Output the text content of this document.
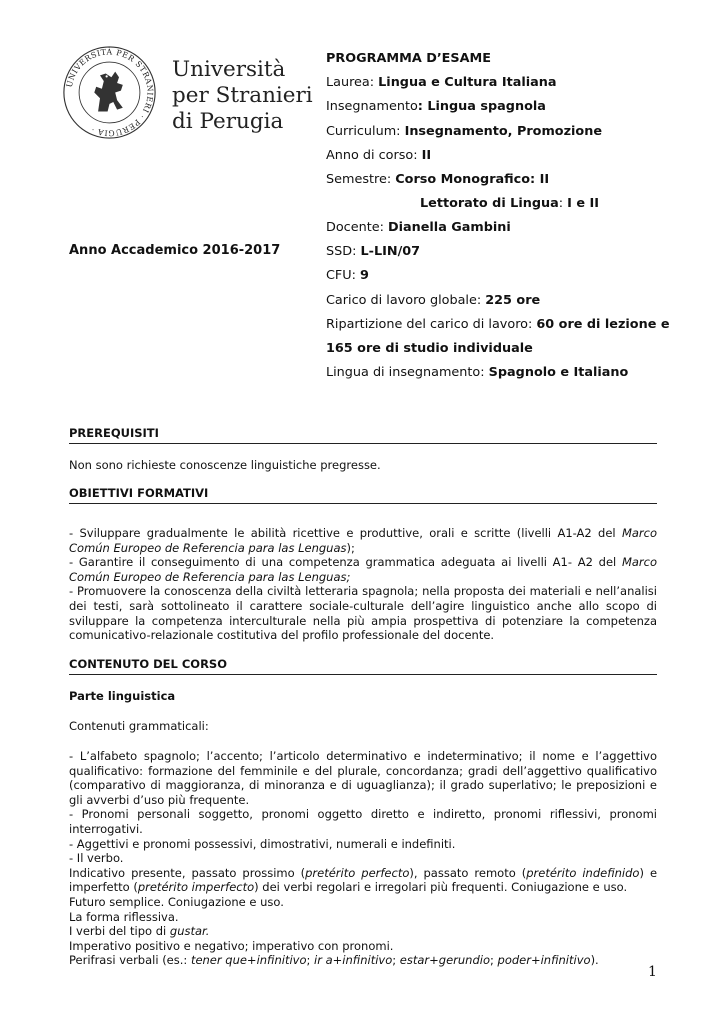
UNIVERSITÀ PER STRANIERI · PERUGIA ·
Università
per Stranieri
di Perugia
Anno Accademico 2016-2017
PROGRAMMA D’ESAME
Laurea: Lingua e Cultura Italiana
Insegnamento: Lingua spagnola
Curriculum: Insegnamento, Promozione
Anno di corso: II
Semestre: Corso Monografico: II
Lettorato di Lingua: I e II
Docente: Dianella Gambini
SSD: L-LIN/07
CFU: 9
Carico di lavoro globale: 225 ore
Ripartizione del carico di lavoro: 60 ore di lezione e
165 ore di studio individuale
Lingua di insegnamento: Spagnolo e Italiano
PREREQUISITI

Non sono richieste conoscenze linguistiche pregresse.

OBIETTIVI FORMATIVI

- Sviluppare gradualmente le abilità ricettive e produttive, orali e scritte (livelli A1-A2 del Marco Común Europeo de Referencia para las Lenguas);

- Garantire il conseguimento di una competenza grammatica adeguata ai livelli A1- A2 del Marco Común Europeo de Referencia para las Lenguas;

- Promuovere la conoscenza della civiltà letteraria spagnola; nella proposta dei materiali e nell’analisi dei testi, sarà sottolineato il carattere sociale-culturale dell’agire linguistico anche allo scopo di sviluppare la competenza interculturale nella più ampia prospettiva di potenziare la competenza comunicativo-relazionale costitutiva del profilo professionale del docente.

CONTENUTO DEL CORSO

Parte linguistica

Contenuti grammaticali:

- L’alfabeto spagnolo; l’accento; l’articolo determinativo e indeterminativo; il nome e l’aggettivo qualificativo: formazione del femminile e del plurale, concordanza; gradi dell’aggettivo qualificativo (comparativo di maggioranza, di minoranza e di uguaglianza); il grado superlativo; le preposizioni e gli avverbi d’uso più frequente.

- Pronomi personali soggetto, pronomi oggetto diretto e indiretto, pronomi riflessivi, pronomi interrogativi.

- Aggettivi e pronomi possessivi, dimostrativi, numerali e indefiniti.

- Il verbo.

Indicativo presente, passato prossimo (pretérito perfecto), passato remoto (pretérito indefinido) e imperfetto (pretérito imperfecto) dei verbi regolari e irregolari più frequenti. Coniugazione e uso.

Futuro semplice. Coniugazione e uso.

La forma riflessiva.

I verbi del tipo di gustar.

Imperativo positivo e negativo; imperativo con pronomi.

Perifrasi verbali (es.: tener que+infinitivo; ir a+infinitivo; estar+gerundio; poder+infinitivo).

1
